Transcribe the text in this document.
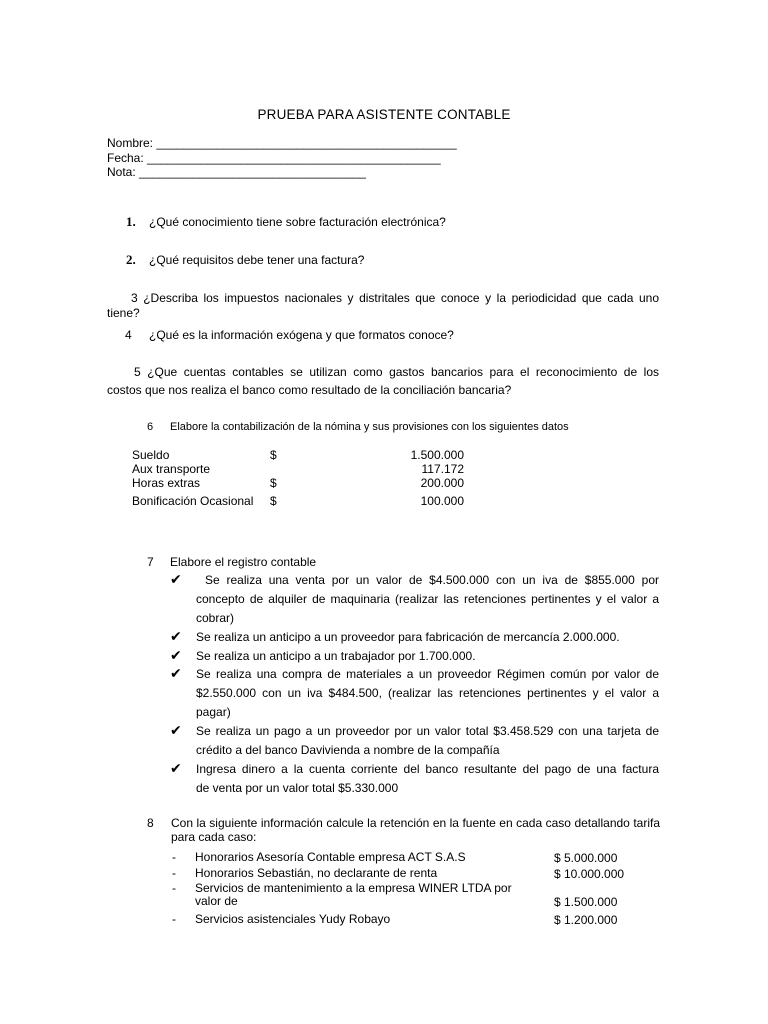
PRUEBA PARA ASISTENTE CONTABLE
Nombre: _____________________________________________
Fecha: ____________________________________________
Nota: __________________________________
1. ¿Qué conocimiento tiene sobre facturación electrónica?
2. ¿Qué requisitos debe tener una factura?
3 ¿Describa los impuestos nacionales y distritales que conoce y la periodicidad que cada uno
tiene?
4 ¿Qué es la información exógena y que formatos conoce?
5 ¿Que cuentas contables se utilizan como gastos bancarios para el reconocimiento de los
costos que nos realiza el banco como resultado de la conciliación bancaria?
6 Elabore la contabilización de la nómina y sus provisiones con los siguientes datos
Sueldo	$	1.500.000
Aux transporte	117.172
Horas extras	$	200.000
Bonificación Ocasional $	100.000
7 Elabore el registro contable
✔	Se realiza una venta por un valor de $4.500.000 con un iva de $855.000 por
concepto de alquiler de maquinaria (realizar las retenciones pertinentes y el valor a
cobrar)
✔ Se realiza un anticipo a un proveedor para fabricación de mercancía 2.000.000.
✔ Se realiza un anticipo a un trabajador por 1.700.000.
✔ Se realiza una compra de materiales a un proveedor Régimen común por valor de
$2.550.000 con un iva $484.500, (realizar las retenciones pertinentes y el valor a
pagar)
✔ Se realiza un pago a un proveedor por un valor total $3.458.529 con una tarjeta de
crédito a del banco Davivienda a nombre de la compañía
✔ Ingresa dinero a la cuenta corriente del banco resultante del pago de una factura
de venta por un valor total $5.330.000
8 Con la siguiente información calcule la retención en la fuente en cada caso detallando tarifa
para cada caso:
- Honorarios Asesoría Contable empresa ACT S.A.S	$ 5.000.000
- Honorarios Sebastián, no declarante de renta	$ 10.000.000
- Servicios de mantenimiento a la empresa WINER LTDA por
valor de	$ 1.500.000
- Servicios asistenciales Yudy Robayo	$ 1.200.000
